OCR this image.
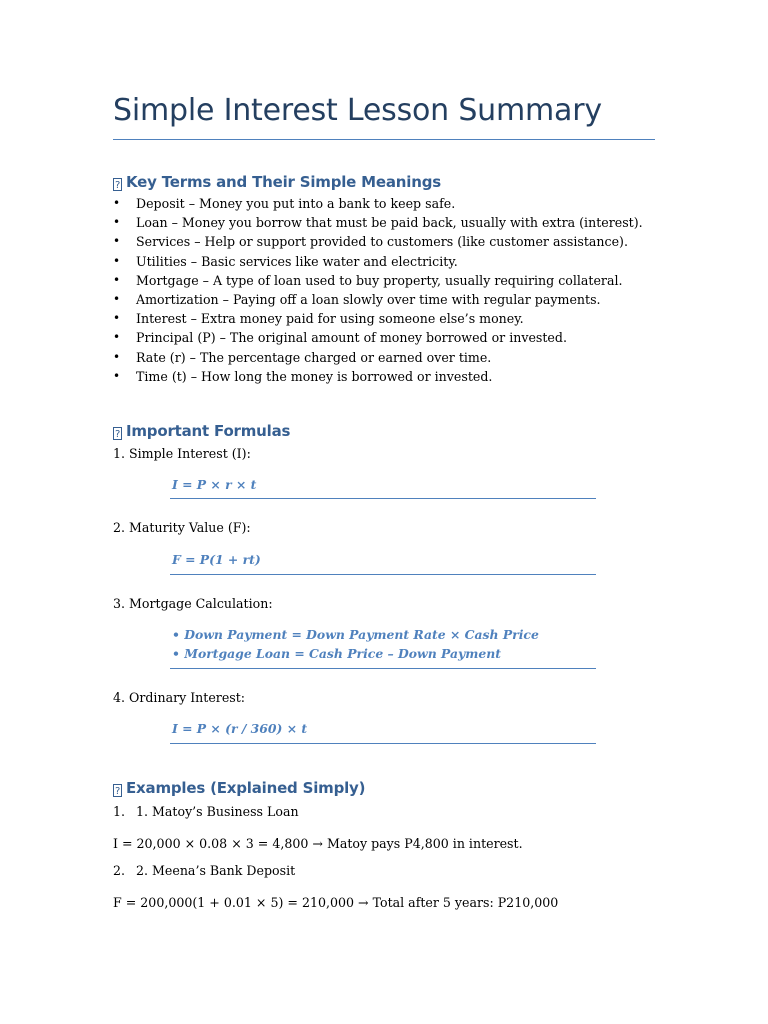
Simple Interest Lesson Summary
? Key Terms and Their Simple Meanings
• Deposit – Money you put into a bank to keep safe.
• Loan – Money you borrow that must be paid back, usually with extra (interest).
• Services – Help or support provided to customers (like customer assistance).
• Utilities – Basic services like water and electricity.
• Mortgage – A type of loan used to buy property, usually requiring collateral.
• Amortization – Paying off a loan slowly over time with regular payments.
• Interest – Extra money paid for using someone else’s money.
• Principal (P) – The original amount of money borrowed or invested.
• Rate (r) – The percentage charged or earned over time.
• Time (t) – How long the money is borrowed or invested.
? Important Formulas
1. Simple Interest (I):
I = P × r × t
2. Maturity Value (F):
F = P(1 + rt)
3. Mortgage Calculation:
• Down Payment = Down Payment Rate × Cash Price
• Mortgage Loan = Cash Price – Down Payment
4. Ordinary Interest:
I = P × (r / 360) × t
? Examples (Explained Simply)
1. 1. Matoy’s Business Loan
I = 20,000 × 0.08 × 3 = 4,800 → Matoy pays P4,800 in interest.
2. 2. Meena’s Bank Deposit
F = 200,000(1 + 0.01 × 5) = 210,000 → Total after 5 years: P210,000
